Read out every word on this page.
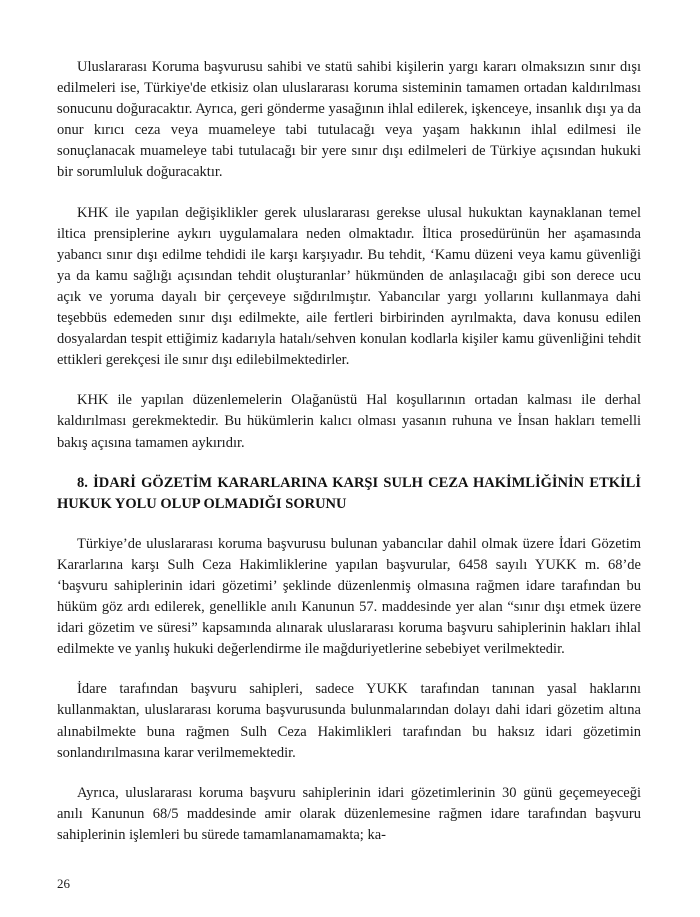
Uluslararası Koruma başvurusu sahibi ve statü sahibi kişilerin yargı kararı olmaksızın sınır dışı edilmeleri ise, Türkiye'de etkisiz olan uluslararası koruma sisteminin tamamen ortadan kaldırılması sonucunu doğuracaktır. Ayrıca, geri gönderme yasağının ihlal edilerek, işkenceye, insanlık dışı ya da onur kırıcı ceza veya muameleye tabi tutulacağı veya yaşam hakkının ihlal edilmesi ile sonuçlanacak muameleye tabi tutulacağı bir yere sınır dışı edilmeleri de Türkiye açısından hukuki bir sorumluluk doğuracaktır.

KHK ile yapılan değişiklikler gerek uluslararası gerekse ulusal hukuktan kaynaklanan temel iltica prensiplerine aykırı uygulamalara neden olmaktadır. İltica prosedürünün her aşamasında yabancı sınır dışı edilme tehdidi ile karşı karşıyadır. Bu tehdit, ‘Kamu düzeni veya kamu güvenliği ya da kamu sağlığı açısından tehdit oluşturanlar’ hükmünden de anlaşılacağı gibi son derece ucu açık ve yoruma dayalı bir çerçeveye sığdırılmıştır. Yabancılar yargı yollarını kullanmaya dahi teşebbüs edemeden sınır dışı edilmekte, aile fertleri birbirinden ayrılmakta, dava konusu edilen dosyalardan tespit ettiğimiz kadarıyla hatalı/sehven konulan kodlarla kişiler kamu güvenliğini tehdit ettikleri gerekçesi ile sınır dışı edilebilmektedirler.

KHK ile yapılan düzenlemelerin Olağanüstü Hal koşullarının ortadan kalması ile derhal kaldırılması gerekmektedir. Bu hükümlerin kalıcı olması yasanın ruhuna ve İnsan hakları temelli bakış açısına tamamen aykırıdır.

8. İDARİ GÖZETİM KARARLARINA KARŞI SULH CEZA HAKİMLİĞİNİN ETKİLİ HUKUK YOLU OLUP OLMADIĞI SORUNU

Türkiye’de uluslararası koruma başvurusu bulunan yabancılar dahil olmak üzere İdari Gözetim Kararlarına karşı Sulh Ceza Hakimliklerine yapılan başvurular, 6458 sayılı YUKK m. 68’de ‘başvuru sahiplerinin idari gözetimi’ şeklinde düzenlenmiş olmasına rağmen idare tarafından bu hüküm göz ardı edilerek, genellikle anılı Kanunun 57. maddesinde yer alan “sınır dışı etmek üzere idari gözetim ve süresi” kapsamında alınarak uluslararası koruma başvuru sahiplerinin hakları ihlal edilmekte ve yanlış hukuki değerlendirme ile mağduriyetlerine sebebiyet verilmektedir.

İdare tarafından başvuru sahipleri, sadece YUKK tarafından tanınan yasal haklarını kullanmaktan, uluslararası koruma başvurusunda bulunmalarından dolayı dahi idari gözetim altına alınabilmekte buna rağmen Sulh Ceza Hakimlikleri tarafından bu haksız idari gözetimin sonlandırılmasına karar verilmemektedir.

Ayrıca, uluslararası koruma başvuru sahiplerinin idari gözetimlerinin 30 günü geçemeyeceği anılı Kanunun 68/5 maddesinde amir olarak düzenlemesine rağmen idare tarafından başvuru sahiplerinin işlemleri bu sürede tamamlanamamakta; ka-

26
